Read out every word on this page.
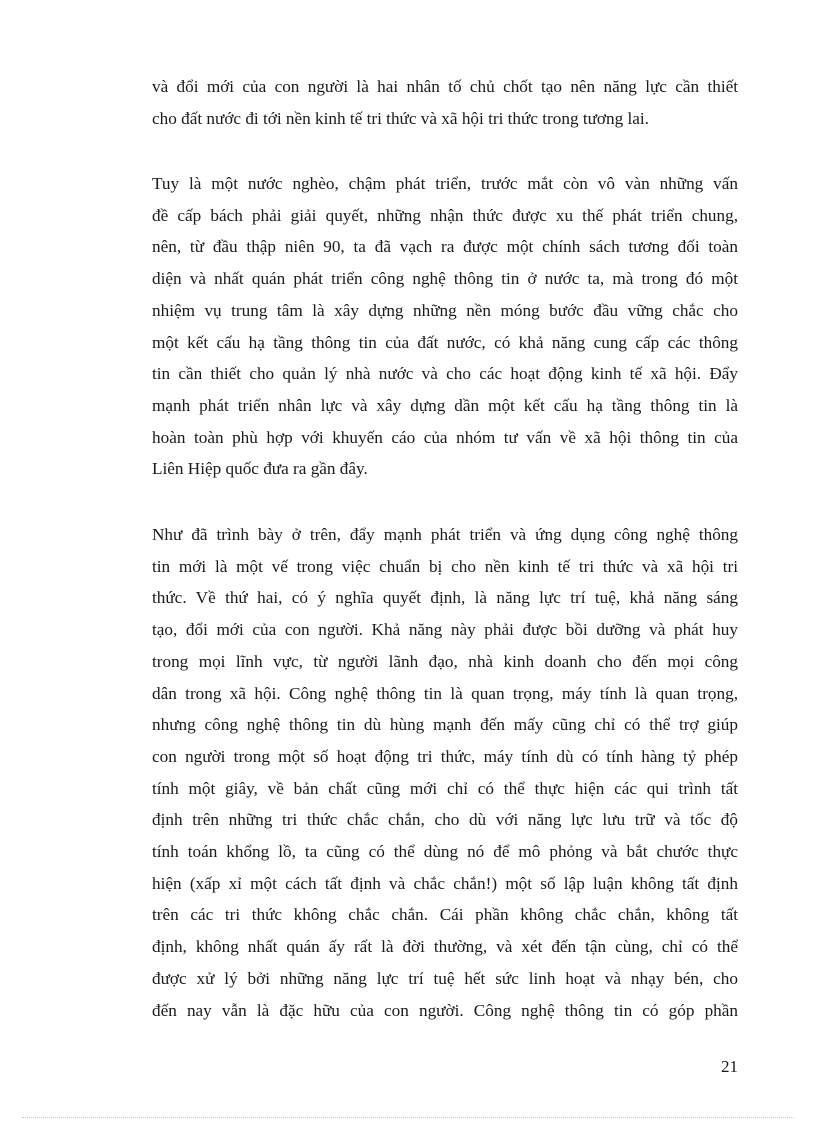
và đổi mới của con người là hai nhân tố chủ chốt tạo nên năng lực cần thiết
cho đất nước đi tới nền kinh tế tri thức và xã hội tri thức trong tương lai.
Tuy là một nước nghèo, chậm phát triển, trước mắt còn vô vàn những vấn
đề cấp bách phải giải quyết, những nhận thức được xu thế phát triển chung,
nên, từ đầu thập niên 90, ta đã vạch ra được một chính sách tương đối toàn
diện và nhất quán phát triển công nghệ thông tin ở nước ta, mà trong đó một
nhiệm vụ trung tâm là xây dựng những nền móng bước đầu vững chắc cho
một kết cấu hạ tầng thông tin của đất nước, có khả năng cung cấp các thông
tin cần thiết cho quản lý nhà nước và cho các hoạt động kinh tế xã hội. Đẩy
mạnh phát triển nhân lực và xây dựng dần một kết cấu hạ tầng thông tin là
hoàn toàn phù hợp với khuyến cáo của nhóm tư vấn về xã hội thông tin của
Liên Hiệp quốc đưa ra gần đây.
Như đã trình bày ở trên, đẩy mạnh phát triển và ứng dụng công nghệ thông
tin mới là một vế trong việc chuẩn bị cho nền kinh tế tri thức và xã hội tri
thức. Về thứ hai, có ý nghĩa quyết định, là năng lực trí tuệ, khả năng sáng
tạo, đổi mới của con người. Khả năng này phải được bồi dưỡng và phát huy
trong mọi lĩnh vực, từ người lãnh đạo, nhà kinh doanh cho đến mọi công
dân trong xã hội. Công nghệ thông tin là quan trọng, máy tính là quan trọng,
nhưng công nghệ thông tin dù hùng mạnh đến mấy cũng chỉ có thể trợ giúp
con người trong một số hoạt động tri thức, máy tính dù có tính hàng tỷ phép
tính một giây, về bản chất cũng mới chỉ có thể thực hiện các qui trình tất
định trên những tri thức chắc chắn, cho dù với năng lực lưu trữ và tốc độ
tính toán khổng lồ, ta cũng có thể dùng nó để mô phỏng và bắt chước thực
hiện (xấp xỉ một cách tất định và chắc chắn!) một số lập luận không tất định
trên các tri thức không chắc chắn. Cái phần không chắc chắn, không tất
định, không nhất quán ấy rất là đời thường, và xét đến tận cùng, chỉ có thể
được xử lý bởi những năng lực trí tuệ hết sức linh hoạt và nhạy bén, cho
đến nay vẫn là đặc hữu của con người. Công nghệ thông tin có góp phần
21
